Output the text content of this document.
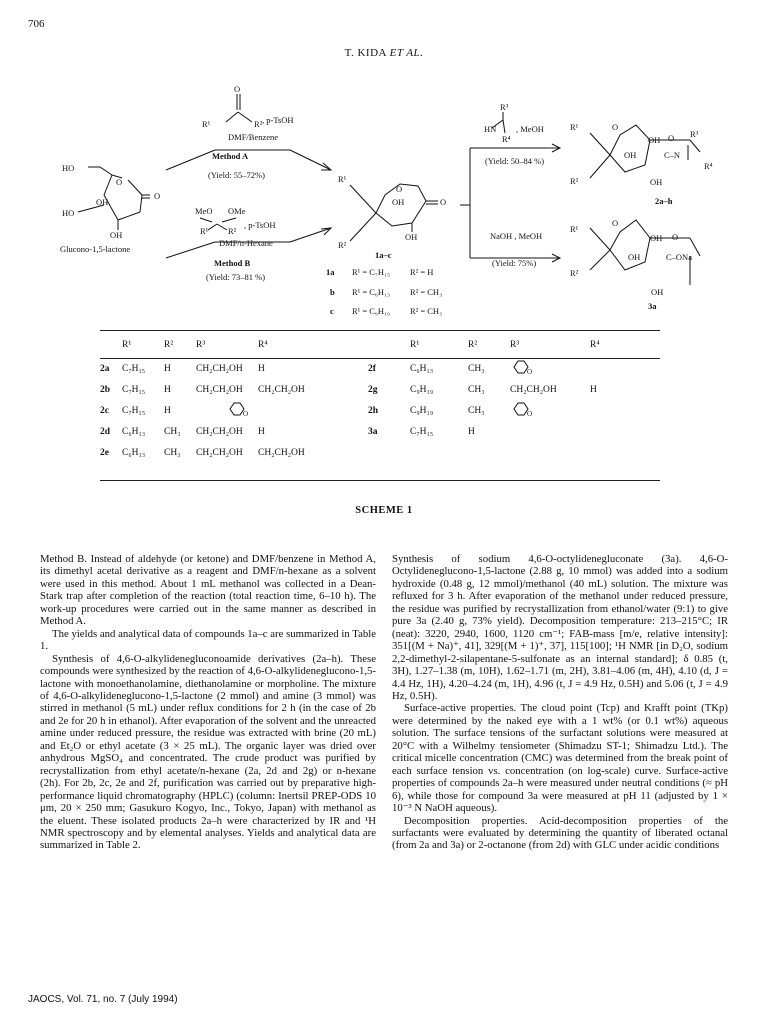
706
T. KIDA ET AL.
O
R¹	R² , p-TsOH
DMF/Benzene
Method A
(Yield: 55–72%)
MeO OMe
R¹ R²
, p-TsOH
DMF/n-Hexane
Method B
(Yield: 73–81 %)
HO
O
OH
O
HO
OH
Glucono-1,5-lactone
R¹
R²
O
OH	O
OH
1a–c
HN
R³
R⁴
, MeOH
(Yield: 50–84 %)
NaOH , MeOH
(Yield: 75%)
R¹
R²
O
OH O R³
OH	C–N
R⁴
OH
2a–h
R¹
R²
O
OH O
OH	C–ONa
OH
3a
1a R¹ = C₇H₁₅ R² = H
b R¹ = C₆H₁₃ R² = CH₃
c R¹ = C₉H₁₉ R² = CH₃
	R¹	R²	R³	R⁴		R¹	R²	R³	R⁴
2a	C₇H₁₅	H	CH₂CH₂OH	H	2f	C₆H₁₃	CH₃	O	

2b	C₇H₁₅	H	CH₂CH₂OH	CH₂CH₂OH	2g	C₉H₁₉	CH₃	CH₂CH₂OH	H
2c	C₇H₁₅	H	O		2h	C₉H₁₉	CH₃	O	

2d	C₆H₁₃	CH₃	CH₂CH₂OH	H	3a	C₇H₁₅	H		
2e	C₆H₁₃	CH₃	CH₂CH₂OH	CH₂CH₂OH					
SCHEME 1

Method B. Instead of aldehyde (or ketone) and DMF/benzene in Method A, its dimethyl acetal derivative as a reagent and DMF/n-hexane as a solvent were used in this method. About 1 mL methanol was collected in a Dean-Stark trap after completion of the reaction (total reaction time, 6–10 h). The work-up procedures were carried out in the same manner as described in Method A.

The yields and analytical data of compounds 1a–c are summarized in Table 1.

Synthesis of 4,6-O-alkylidenegluconoamide derivatives (2a–h). These compounds were synthesized by the reaction of 4,6-O-alkylideneglucono-1,5-lactone with monoethanolamine, diethanolamine or morpholine. The mixture of 4,6-O-alkylideneglucono-1,5-lactone (2 mmol) and amine (3 mmol) was stirred in methanol (5 mL) under reflux conditions for 2 h (in the case of 2b and 2e for 20 h in ethanol). After evaporation of the solvent and the unreacted amine under reduced pressure, the residue was extracted with brine (20 mL) and Et₂O or ethyl acetate (3 × 25 mL). The organic layer was dried over anhydrous MgSO₄ and concentrated. The crude product was purified by recrystallization from ethyl acetate/n-hexane (2a, 2d and 2g) or n-hexane (2h). For 2b, 2c, 2e and 2f, purification was carried out by preparative high-performance liquid chromatography (HPLC) (column: Inertsil PREP-ODS 10 μm, 20 × 250 mm; Gasukuro Kogyo, Inc., Tokyo, Japan) with methanol as the eluent. These isolated products 2a–h were characterized by IR and ¹H NMR spectroscopy and by elemental analyses. Yields and analytical data are summarized in Table 2.

Synthesis of sodium 4,6-O-octylidenegluconate (3a). 4,6-O-Octylideneglucono-1,5-lactone (2.88 g, 10 mmol) was added into a sodium hydroxide (0.48 g, 12 mmol)/methanol (40 mL) solution. The mixture was refluxed for 3 h. After evaporation of the methanol under reduced pressure, the residue was purified by recrystallization from ethanol/water (9:1) to give pure 3a (2.40 g, 73% yield). Decomposition temperature: 213–215°C; IR (neat): 3220, 2940, 1600, 1120 cm⁻¹; FAB-mass [m/e, relative intensity]: 351[(M + Na)⁺, 41], 329[(M + 1)⁺, 37], 115[100]; ¹H NMR [in D₂O, sodium 2,2-dimethyl-2-silapentane-5-sulfonate as an internal standard]; δ 0.85 (t, 3H), 1.27–1.38 (m, 10H), 1.62–1.71 (m, 2H), 3.81–4.06 (m, 4H), 4.10 (d, J = 4.4 Hz, 1H), 4.20–4.24 (m, 1H), 4.96 (t, J = 4.9 Hz, 0.5H) and 5.06 (t, J = 4.9 Hz, 0.5H).

Surface-active properties. The cloud point (Tcp) and Krafft point (TKp) were determined by the naked eye with a 1 wt% (or 0.1 wt%) aqueous solution. The surface tensions of the surfactant solutions were measured at 20°C with a Wilhelmy tensiometer (Shimadzu ST-1; Shimadzu Ltd.). The critical micelle concentration (CMC) was determined from the break point of each surface tension vs. concentration (on log-scale) curve. Surface-active properties of compounds 2a–h were measured under neutral conditions (≈ pH 6), while those for compound 3a were measured at pH 11 (adjusted by 1 × 10⁻³ N NaOH aqueous).

Decomposition properties. Acid-decomposition properties of the surfactants were evaluated by determining the quantity of liberated octanal (from 2a and 3a) or 2-octanone (from 2d) with GLC under acidic conditions

JAOCS, Vol. 71, no. 7 (July 1994)
